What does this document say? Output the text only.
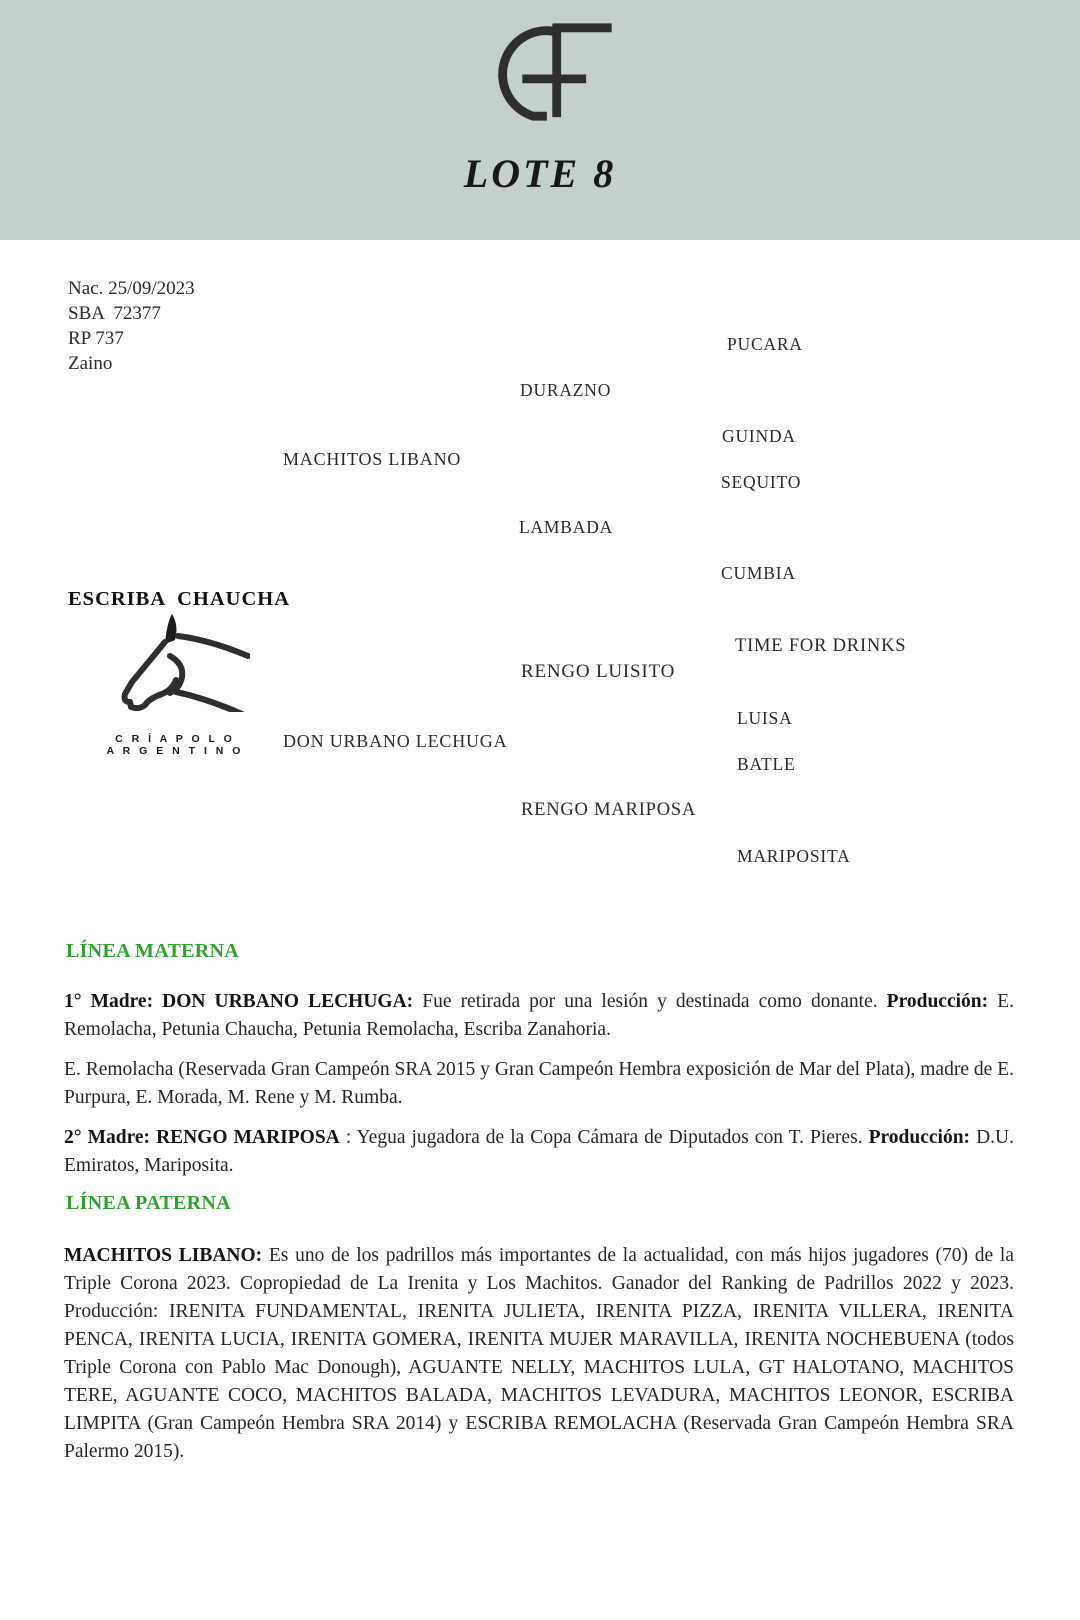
LOTE 8
Nac. 25/09/2023
SBA  72377
RP 737
Zaino
MACHITOS LIBANO
DURAZNO
PUCARA
GUINDA
SEQUITO
LAMBADA
CUMBIA
ESCRIBA CHAUCHA
TIME FOR DRINKS
RENGO LUISITO
LUISA
DON URBANO LECHUGA
BATLE
RENGO MARIPOSA
MARIPOSITA
C R Í A P O L O
A R G E N T I N O
LÍNEA MATERNA
1° Madre: DON URBANO LECHUGA: Fue retirada por una lesión y destinada como donante. Producción: E. Remolacha, Petunia Chaucha, Petunia Remolacha, Escriba Zanahoria.
E. Remolacha (Reservada Gran Campeón SRA 2015 y Gran Campeón Hembra exposición de Mar del Plata), madre de E. Purpura, E. Morada, M. Rene y M. Rumba.
2° Madre: RENGO MARIPOSA : Yegua jugadora de la Copa Cámara de Diputados con T. Pieres. Producción: D.U. Emiratos, Mariposita.
LÍNEA PATERNA
MACHITOS LIBANO: Es uno de los padrillos más importantes de la actualidad, con más hijos jugadores (70) de la Triple Corona 2023. Copropiedad de La Irenita y Los Machitos. Ganador del Ranking de Padrillos 2022 y 2023. Producción: IRENITA FUNDAMENTAL, IRENITA JULIETA, IRENITA PIZZA, IRENITA VILLERA, IRENITA PENCA, IRENITA LUCIA, IRENITA GOMERA, IRENITA MUJER MARAVILLA, IRENITA NOCHEBUENA (todos Triple Corona con Pablo Mac Donough), AGUANTE NELLY, MACHITOS LULA, GT HALOTANO, MACHITOS TERE, AGUANTE COCO, MACHITOS BALADA, MACHITOS LEVADURA, MACHITOS LEONOR, ESCRIBA LIMPITA (Gran Campeón Hembra SRA 2014) y ESCRIBA REMOLACHA (Reservada Gran Campeón Hembra SRA Palermo 2015).
